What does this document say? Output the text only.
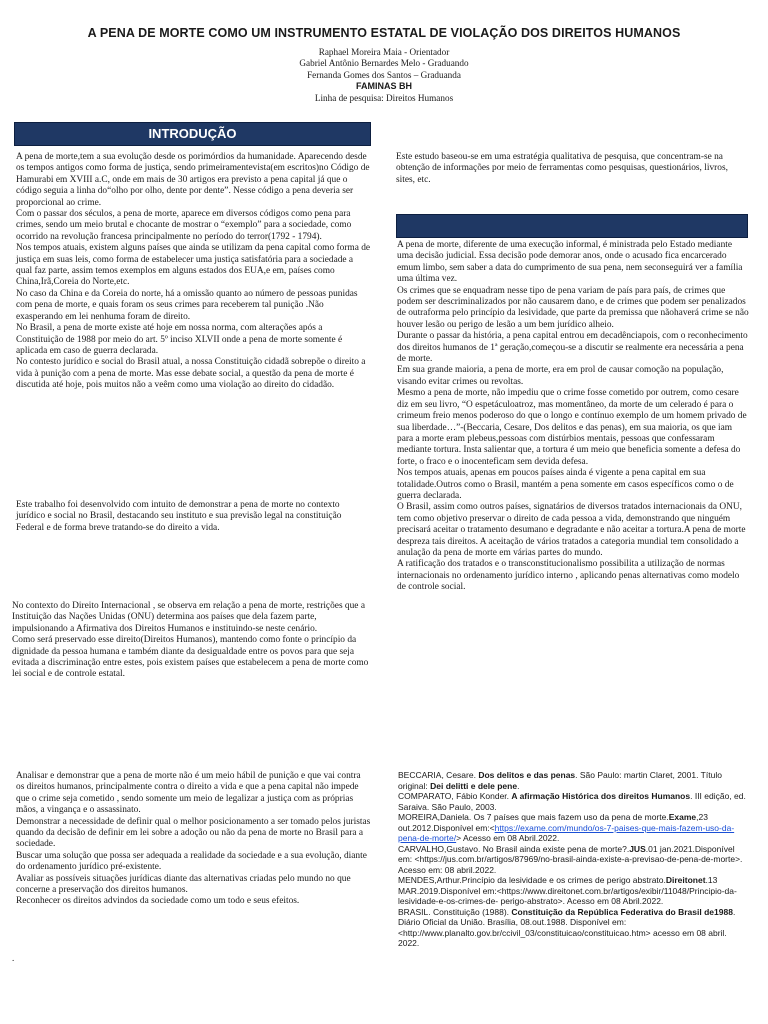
A PENA DE MORTE COMO UM INSTRUMENTO ESTATAL DE VIOLAÇÃO DOS DIREITOS HUMANOS
Raphael Moreira Maia - Orientador
Gabriel Antônio Bernardes Melo - Graduando
Fernanda Gomes dos Santos – Graduanda
FAMINAS BH
Linha de pesquisa: Direitos Humanos
INTRODUÇÃO

A pena de morte,tem a sua evolução desde os porimórdios da humanidade. Aparecendo desde os tempos antigos como forma de justiça, sendo primeiramentevista(em escritos)no Código de Hamurabi em XVIII a.C, onde em mais de 30 artigos era previsto a pena capital já que o código seguia a linha do“olho por olho, dente por dente”. Nesse código a pena deveria ser proporcional ao crime.

Com o passar dos séculos, a pena de morte, aparece em diversos códigos como pena para crimes, sendo um meio brutal e chocante de mostrar o “exemplo” para a sociedade, como ocorrido na revolução francesa principalmente no período do terror(1792 - 1794).

Nos tempos atuais, existem alguns países que ainda se utilizam da pena capital como forma de justiça em suas leis, como forma de estabelecer uma justiça satisfatória para a sociedade a qual faz parte, assim temos exemplos em alguns estados dos EUA,e em, países como China,Irã,Coreia do Norte,etc.

No caso da China e da Coreia do norte, há a omissão quanto ao número de pessoas punidas com pena de morte, e quais foram os seus crimes para receberem tal punição .Não exasperando em lei nenhuma foram de direito.

No Brasil, a pena de morte existe até hoje em nossa norma, com alterações após a Constituição de 1988 por meio do art. 5º inciso XLVII onde a pena de morte somente é aplicada em caso de guerra declarada.

No contesto jurídico e social do Brasil atual, a nossa Constituição cidadã sobrepõe o direito a vida à punição com a pena de morte. Mas esse debate social, a questão da pena de morte é discutida até hoje, pois muitos não a veêm como uma violação ao direito do cidadão.

Este trabalho foi desenvolvido com intuito de demonstrar a pena de morte no contexto jurídico e social no Brasil, destacando seu instituto e sua previsão legal na constituição Federal e de forma breve tratando-se do direito a vida.

No contexto do Direito Internacional , se observa em relação a pena de morte, restrições que a Instituição das Nações Unidas (ONU) determina aos países que dela fazem parte, impulsionando a Afirmativa dos Direitos Humanos e instituindo-se neste cenário.

Como será preservado esse direito(Direitos Humanos), mantendo como fonte o princípio da dignidade da pessoa humana e também diante da desigualdade entre os povos para que seja evitada a discriminação entre estes, pois existem países que estabelecem a pena de morte como lei social e de controle estatal.

Analisar e demonstrar que a pena de morte não é um meio hábil de punição e que vai contra os direitos humanos, principalmente contra o direito a vida e que a pena capital não impede que o crime seja cometido , sendo somente um meio de legalizar a justiça com as próprias mãos, a vingança e o assassinato.

Demonstrar a necessidade de definir qual o melhor posicionamento a ser tomado pelos juristas quando da decisão de definir em lei sobre a adoção ou não da pena de morte no Brasil para a sociedade.

Buscar uma solução que possa ser adequada a realidade da sociedade e a sua evolução, diante do ordenamento jurídico pré-existente.

Avaliar as possíveis situações jurídicas diante das alternativas criadas pelo mundo no que concerne a preservação dos direitos humanos.

Reconhecer os direitos advindos da sociedade como um todo e seus efeitos.

.

Este estudo baseou-se em uma estratégia qualitativa de pesquisa, que concentram-se na obtenção de informações por meio de ferramentas como pesquisas, questionários, livros, sites, etc.

A pena de morte, diferente de uma execução informal, é ministrada pelo Estado mediante uma decisão judicial. Essa decisão pode demorar anos, onde o acusado fica encarcerado emum limbo, sem saber a data do cumprimento de sua pena, nem seconseguirá ver a família uma última vez.

Os crimes que se enquadram nesse tipo de pena variam de país para país, de crimes que podem ser descriminalizados por não causarem dano, e de crimes que podem ser penalizados de outraforma pelo princípio da lesividade, que parte da premissa que nãohaverá crime se não houver lesão ou perigo de lesão a um bem jurídico alheio.

Durante o passar da história, a pena capital entrou em decadênciapois, com o reconhecimento dos direitos humanos de 1ª geração,começou-se a discutir se realmente era necessária a pena de morte.

Em sua grande maioria, a pena de morte, era em prol de causar comoção na população, visando evitar crimes ou revoltas.

Mesmo a pena de morte, não impediu que o crime fosse cometido por outrem, como cesare diz em seu livro, “O espetáculoatroz, mas momentâneo, da morte de um celerado é para o crimeum freio menos poderoso do que o longo e contínuo exemplo de um homem privado de sua liberdade…”-(Beccaria, Cesare, Dos delitos e das penas), em sua maioria, os que iam para a morte eram plebeus,pessoas com distúrbios mentais, pessoas que confessaram mediante tortura. Insta salientar que, a tortura é um meio que beneficia somente a defesa do forte, o fraco e o inocenteficam sem devida defesa.

Nos tempos atuais, apenas em poucos países ainda é vigente a pena capital em sua totalidade.Outros como o Brasil, mantém a pena somente em casos específicos como o de guerra declarada.

O Brasil, assim como outros países, signatários de diversos tratados internacionais da ONU, tem como objetivo preservar o direito de cada pessoa a vida, demonstrando que ninguém precisará aceitar o tratamento desumano e degradante e não aceitar a tortura.A pena de morte despreza tais direitos. A aceitação de vários tratados a categoria mundial tem consolidado a anulação da pena de morte em várias partes do mundo.

A ratificação dos tratados e o transconstitucionalismo possibilita a utilização de normas internacionais no ordenamento jurídico interno , aplicando penas alternativas como modelo de controle social.

BECCARIA, Cesare. Dos delitos e das penas. São Paulo: martin Claret, 2001. Título original: Dei delitti e dele pene.

COMPARATO, Fábio Konder. A afirmação Histórica dos direitos Humanos. III edição, ed. Saraiva. São Paulo, 2003.

MOREIRA,Daniela. Os 7 países que mais fazem uso da pena de morte.Exame,23 out.2012.Disponível em:<https://exame.com/mundo/os-7-paises-que-mais-fazem-uso-da-pena-de-morte/> Acesso em 08 Abril.2022.

CARVALHO,Gustavo. No Brasil ainda existe pena de morte?.JUS.01 jan.2021.Disponível em: <https://jus.com.br/artigos/87969/no-brasil-ainda-existe-a-previsao-de-pena-de-morte>. Acesso em: 08 abril.2022.

MENDES,Arthur.Princípio da lesividade e os crimes de perigo abstrato.Direitonet.13 MAR.2019.Disponível em:<https://www.direitonet.com.br/artigos/exibir/11048/Principio-da-lesividade-e-os-crimes-de- perigo-abstrato>. Acesso em 08 Abril.2022.

BRASIL. Constituição (1988). Constituição da República Federativa do Brasil de1988. Diário Oficial da União. Brasília, 08.out.1988. Disponível em: <http://www.planalto.gov.br/ccivil_03/constituicao/constituicao.htm> acesso em 08 abril. 2022.
